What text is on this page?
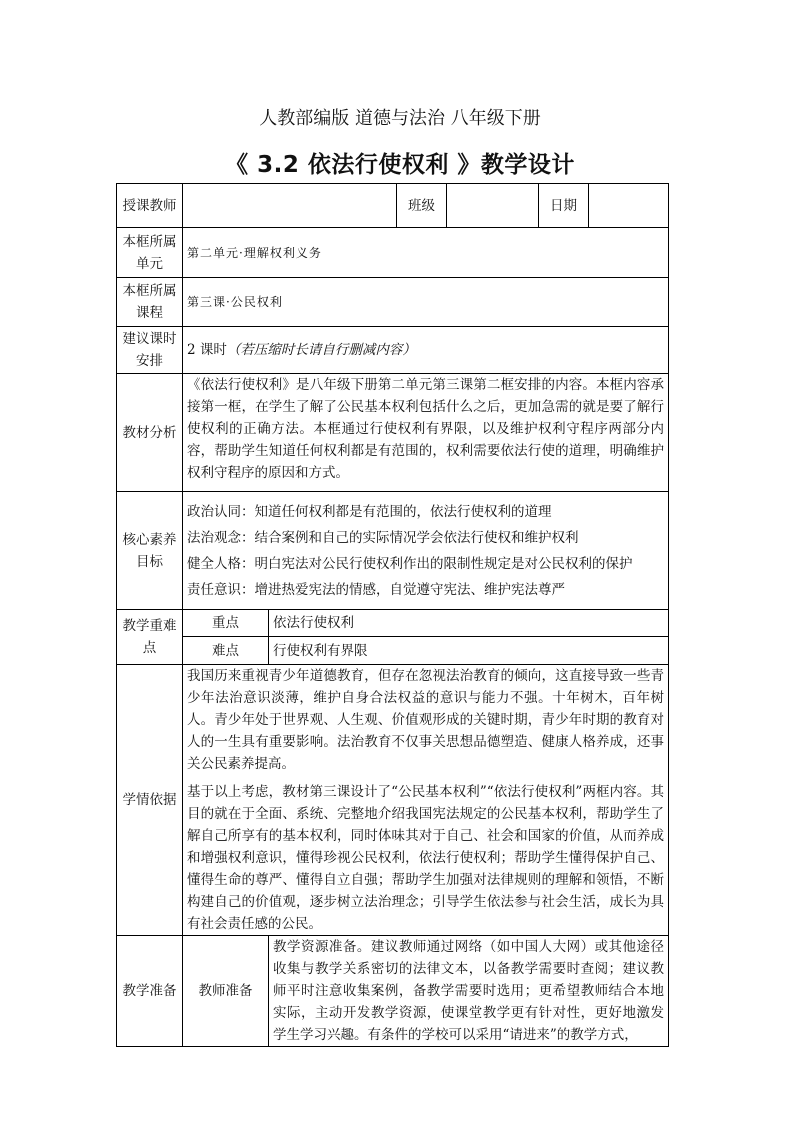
人教部编版 道德与法治 八年级下册
《 3.2 依法行使权利 》教学设计
授课教师			班级		日期	
本框所属单元	第二单元·理解权利义务					
本框所属课程	第三课·公民权利					
建议课时安排	2 课时（若压缩时长请自行删减内容）					
教材分析	《依法行使权利》是八年级下册第二单元第三课第二框安排的内容。本框内容承接第一框，在学生了解了公民基本权利包括什么之后，更加急需的就是要了解行使权利的正确方法。本框通过行使权利有界限，以及维护权利守程序两部分内容，帮助学生知道任何权利都是有范围的，权利需要依法行使的道理，明确维护权利守程序的原因和方式。					
核心素养目标	政治认同：知道任何权利都是有范围的，依法行使权利的道理
法治观念：结合案例和自己的实际情况学会依法行使权和维护权利
健全人格：明白宪法对公民行使权利作出的限制性规定是对公民权利的保护
责任意识：增进热爱宪法的情感，自觉遵守宪法、维护宪法尊严					

教学重难点	重点	依法行使权利				
	难点	行使权利有界限				
学情依据	我国历来重视青少年道德教育，但存在忽视法治教育的倾向，这直接导致一些青少年法治意识淡薄，维护自身合法权益的意识与能力不强。十年树木，百年树人。青少年处于世界观、人生观、价值观形成的关键时期，青少年时期的教育对人的一生具有重要影响。法治教育不仅事关思想品德塑造、健康人格养成，还事关公民素养提高。

基于以上考虑，教材第三课设计了“公民基本权利”“依法行使权利”两框内容。其目的就在于全面、系统、完整地介绍我国宪法规定的公民基本权利，帮助学生了解自己所享有的基本权利，同时体味其对于自己、社会和国家的价值，从而养成和增强权利意识，懂得珍视公民权利，依法行使权利；帮助学生懂得保护自己、懂得生命的尊严、懂得自立自强；帮助学生加强对法律规则的理解和领悟，不断构建自己的价值观，逐步树立法治理念；引导学生依法参与社会生活，成长为具有社会责任感的公民。					

教学准备	教师准备	教学资源准备。建议教师通过网络（如中国人大网）或其他途径收集与教学关系密切的法律文本，以备教学需要时查阅；建议教师平时注意收集案例，备教学需要时选用；更希望教师结合本地实际，主动开发教学资源，使课堂教学更有针对性，更好地激发学生学习兴趣。有条件的学校可以采用“请进来”的教学方式，				
